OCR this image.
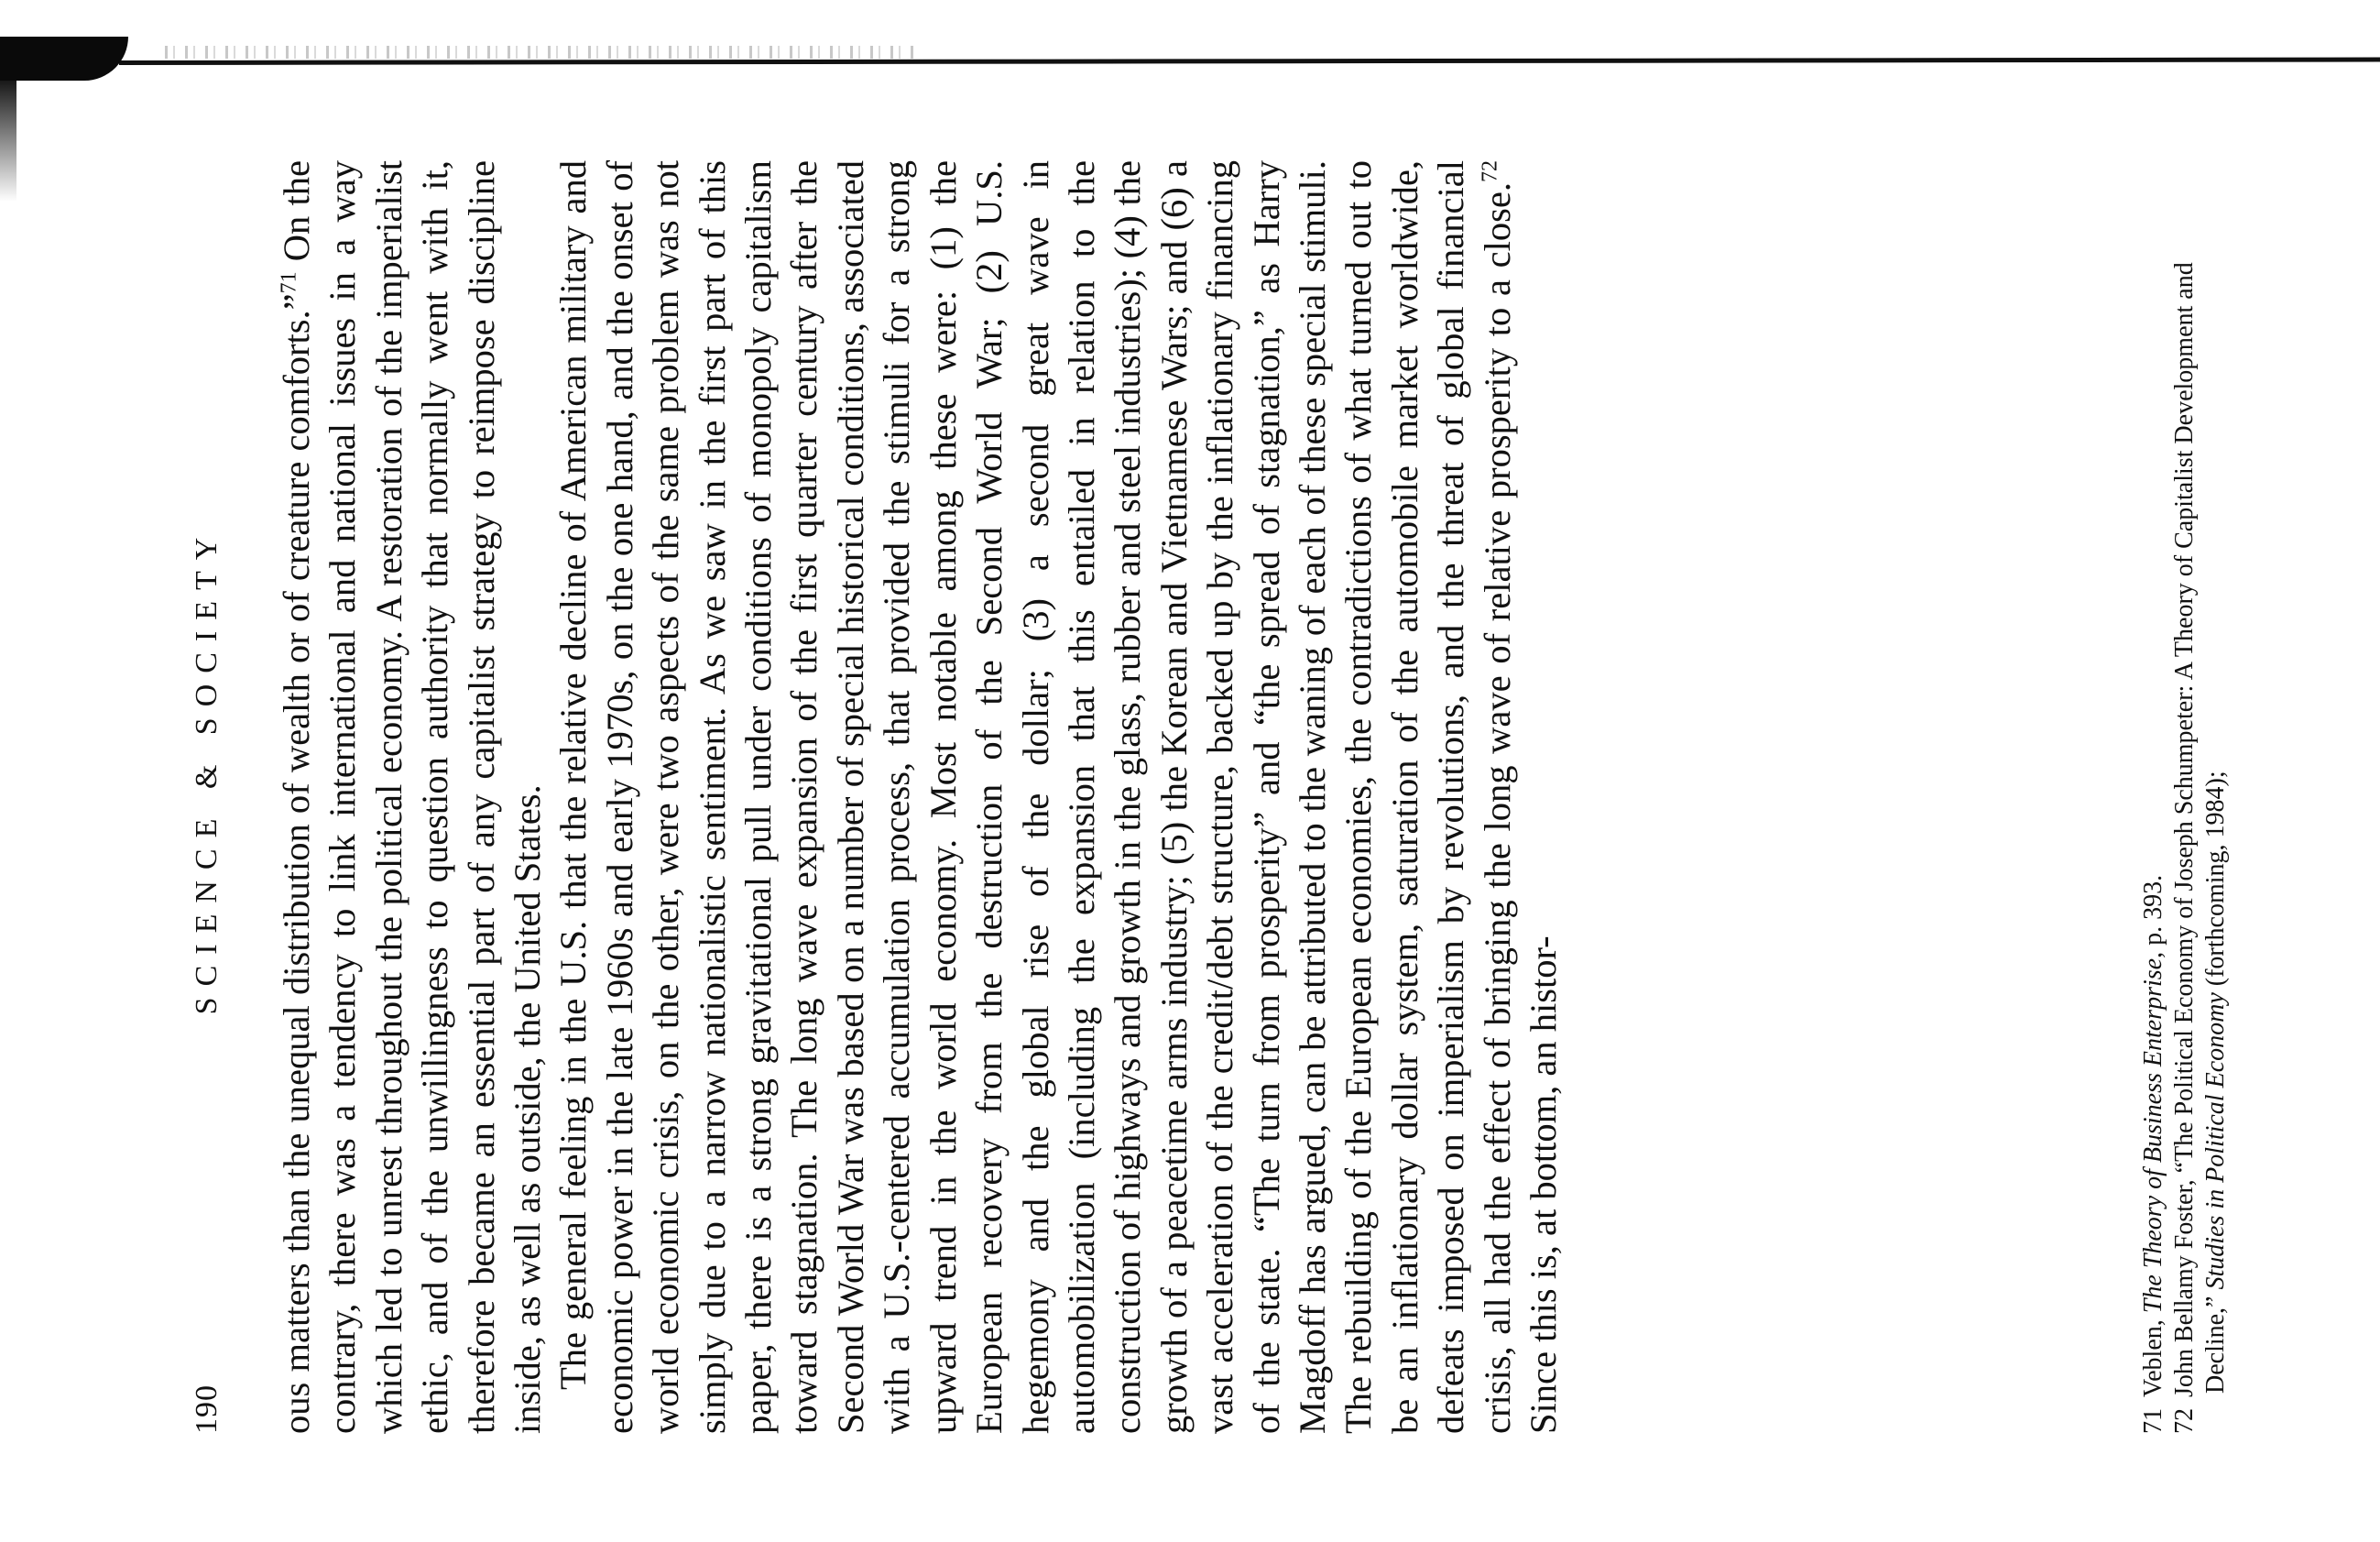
190
SCIENCE & SOCIETY ous matters than the unequal distribution of wealth or of creature comforts.”$^{71}$ On the contrary, there was a tendency to link international and national issues in a way which led to unrest throughout the political economy. A restoration of the imperialist ethic, and of the unwillingness to question authority that normally went with it, therefore became an essential part of any capitalist strategy to reimpose discipline inside, as well as outside, the United States. The general feeling in the U.S. that the relative decline of American military and economic power in the late 1960s and early 1970s, on the one hand, and the onset of world economic crisis, on the other, were two aspects of the same problem was not simply due to a narrow nationalistic sentiment. As we saw in the first part of this paper, there is a strong gravitational pull under conditions of monopoly capitalism toward stagnation. The long wave expansion of the first quarter century after the Second World War was based on a number of special historical conditions, associated with a U.S.-centered accumulation process, that provided the stimuli for a strong upward trend in the world economy. Most notable among these were: (1) the European recovery from the destruction of the Second World War; (2) U.S. hegemony and the global rise of the dollar; (3) a second great wave in automobilization (including the expansion that this entailed in relation to the construction of highways and growth in the glass, rubber and steel industries); (4) the growth of a peacetime arms industry; (5) the Korean and Vietnamese Wars; and (6) a vast acceleration of the credit/debt structure, backed up by the inflationary financing of the state. “The turn from prosperity” and “the spread of stagnation,” as Harry Magdoff has argued, can be attributed to the waning of each of these special stimuli. The rebuilding of the European economies, the contradictions of what turned out to be an inflationary dollar system, saturation of the automobile market worldwide, defeats imposed on imperialism by revolutions, and the threat of global financial crisis, all had the effect of bringing the long wave of relative prosperity to a close.$^{72}$ Since this is, at bottom, an histor-	71Veblen, The Theory of Business Enterprise, p. 393.

72John Bellamy Foster, “The Political Economy of Joseph Schumpeter: A Theory of Capitalist Development and Decline,” Studies in Political Economy (forthcoming, 1984);
